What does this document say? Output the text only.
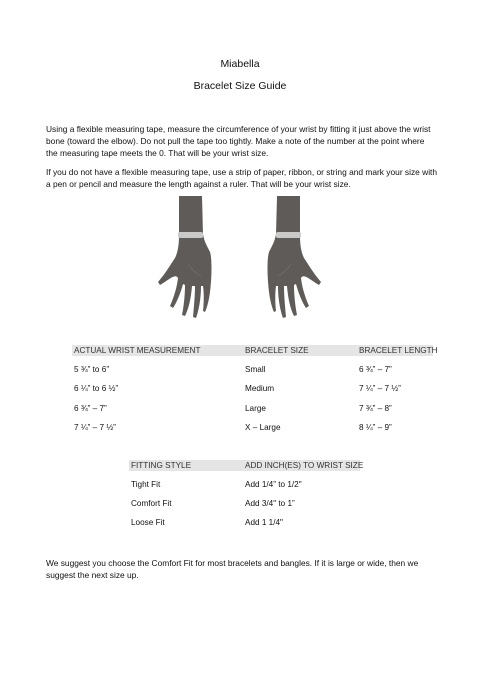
Miabella
Bracelet Size Guide

Using a flexible measuring tape, measure the circumference of your wrist by fitting it just above the wrist bone (toward the elbow). Do not pull the tape too tightly. Make a note of the number at the point where the measuring tape meets the 0. That will be your wrist size.

If you do not have a flexible measuring tape, use a strip of paper, ribbon, or string and mark your size with a pen or pencil and measure the length against a ruler. That will be your wrist size.

ACTUAL WRIST MEASUREMENT	BRACELET SIZE	BRACELET LENGTH
5 ¾” to 6”	Small	6 ¾” – 7”
6 ¼” to 6 ½”	Medium	7 ¼” – 7 ½”
6 ¾” – 7”	Large	7 ¾” – 8”
7 ¼” – 7 ½”	X – Large	8 ¼” – 9”
FITTING STYLE	ADD INCH(ES) TO WRIST SIZE
Tight Fit	Add 1/4” to 1/2"
Comfort Fit	Add 3/4" to 1”
Loose Fit	Add 1 1/4"

We suggest you choose the Comfort Fit for most bracelets and bangles. If it is large or wide, then we suggest the next size up.
